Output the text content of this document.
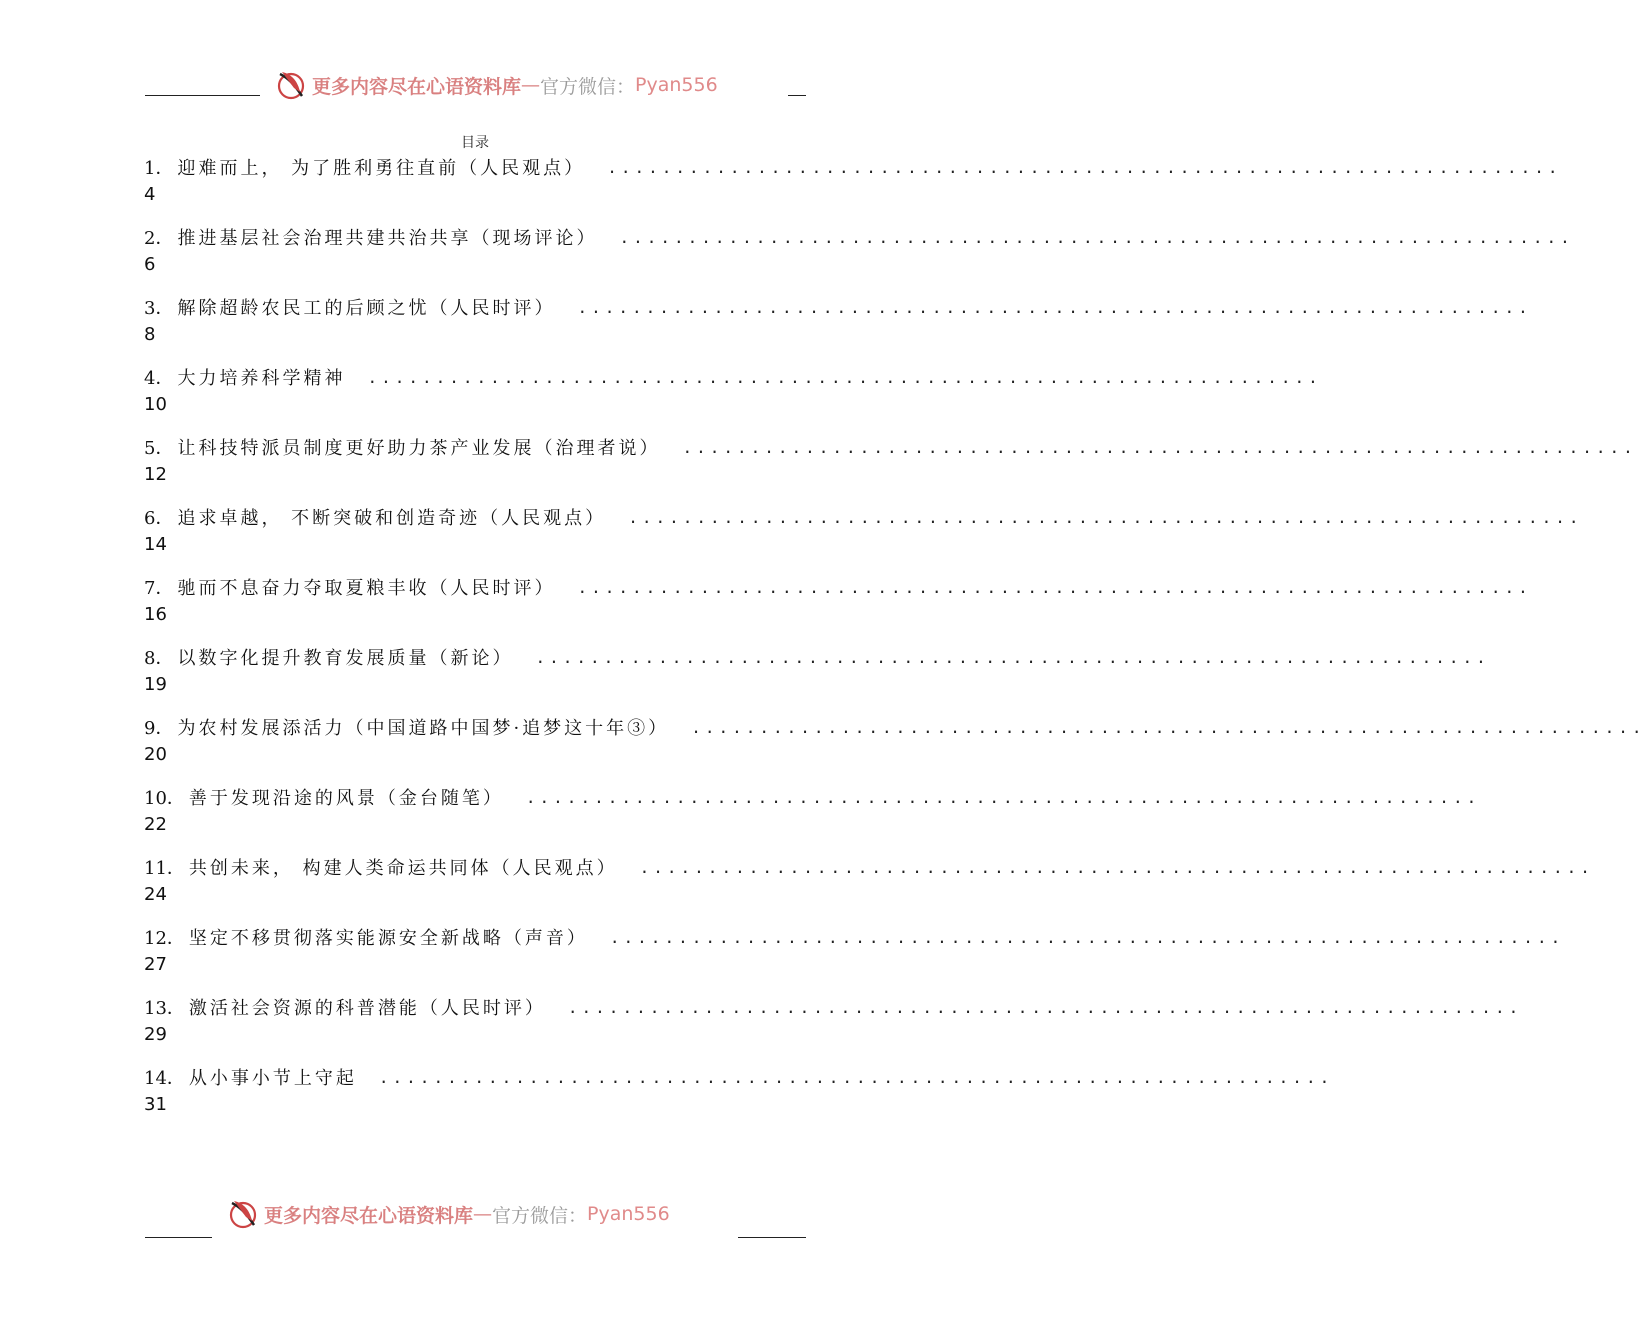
更多内容尽在心语资料库 — 官方微信： Pyan556
目录
1． 迎难而上， 为了胜利勇往直前（人民观点） ......................................................................
4
2． 推进基层社会治理共建共治共享（现场评论） ......................................................................
6
3． 解除超龄农民工的后顾之忧（人民时评） ......................................................................
8
4． 大力培养科学精神 ......................................................................
10
5． 让科技特派员制度更好助力茶产业发展（治理者说） ......................................................................
12
6． 追求卓越， 不断突破和创造奇迹（人民观点） ......................................................................
14
7． 驰而不息奋力夺取夏粮丰收（人民时评） ......................................................................
16
8． 以数字化提升教育发展质量（新论） ......................................................................
19
9． 为农村发展添活力（中国道路中国梦·追梦这十年③） ......................................................................
20
10． 善于发现沿途的风景（金台随笔） ......................................................................
22
11． 共创未来， 构建人类命运共同体（人民观点） ......................................................................
24
12． 坚定不移贯彻落实能源安全新战略（声音） ......................................................................
27
13． 激活社会资源的科普潜能（人民时评） ......................................................................
29
14． 从小事小节上守起 ......................................................................
31
更多内容尽在心语资料库 — 官方微信： Pyan556
